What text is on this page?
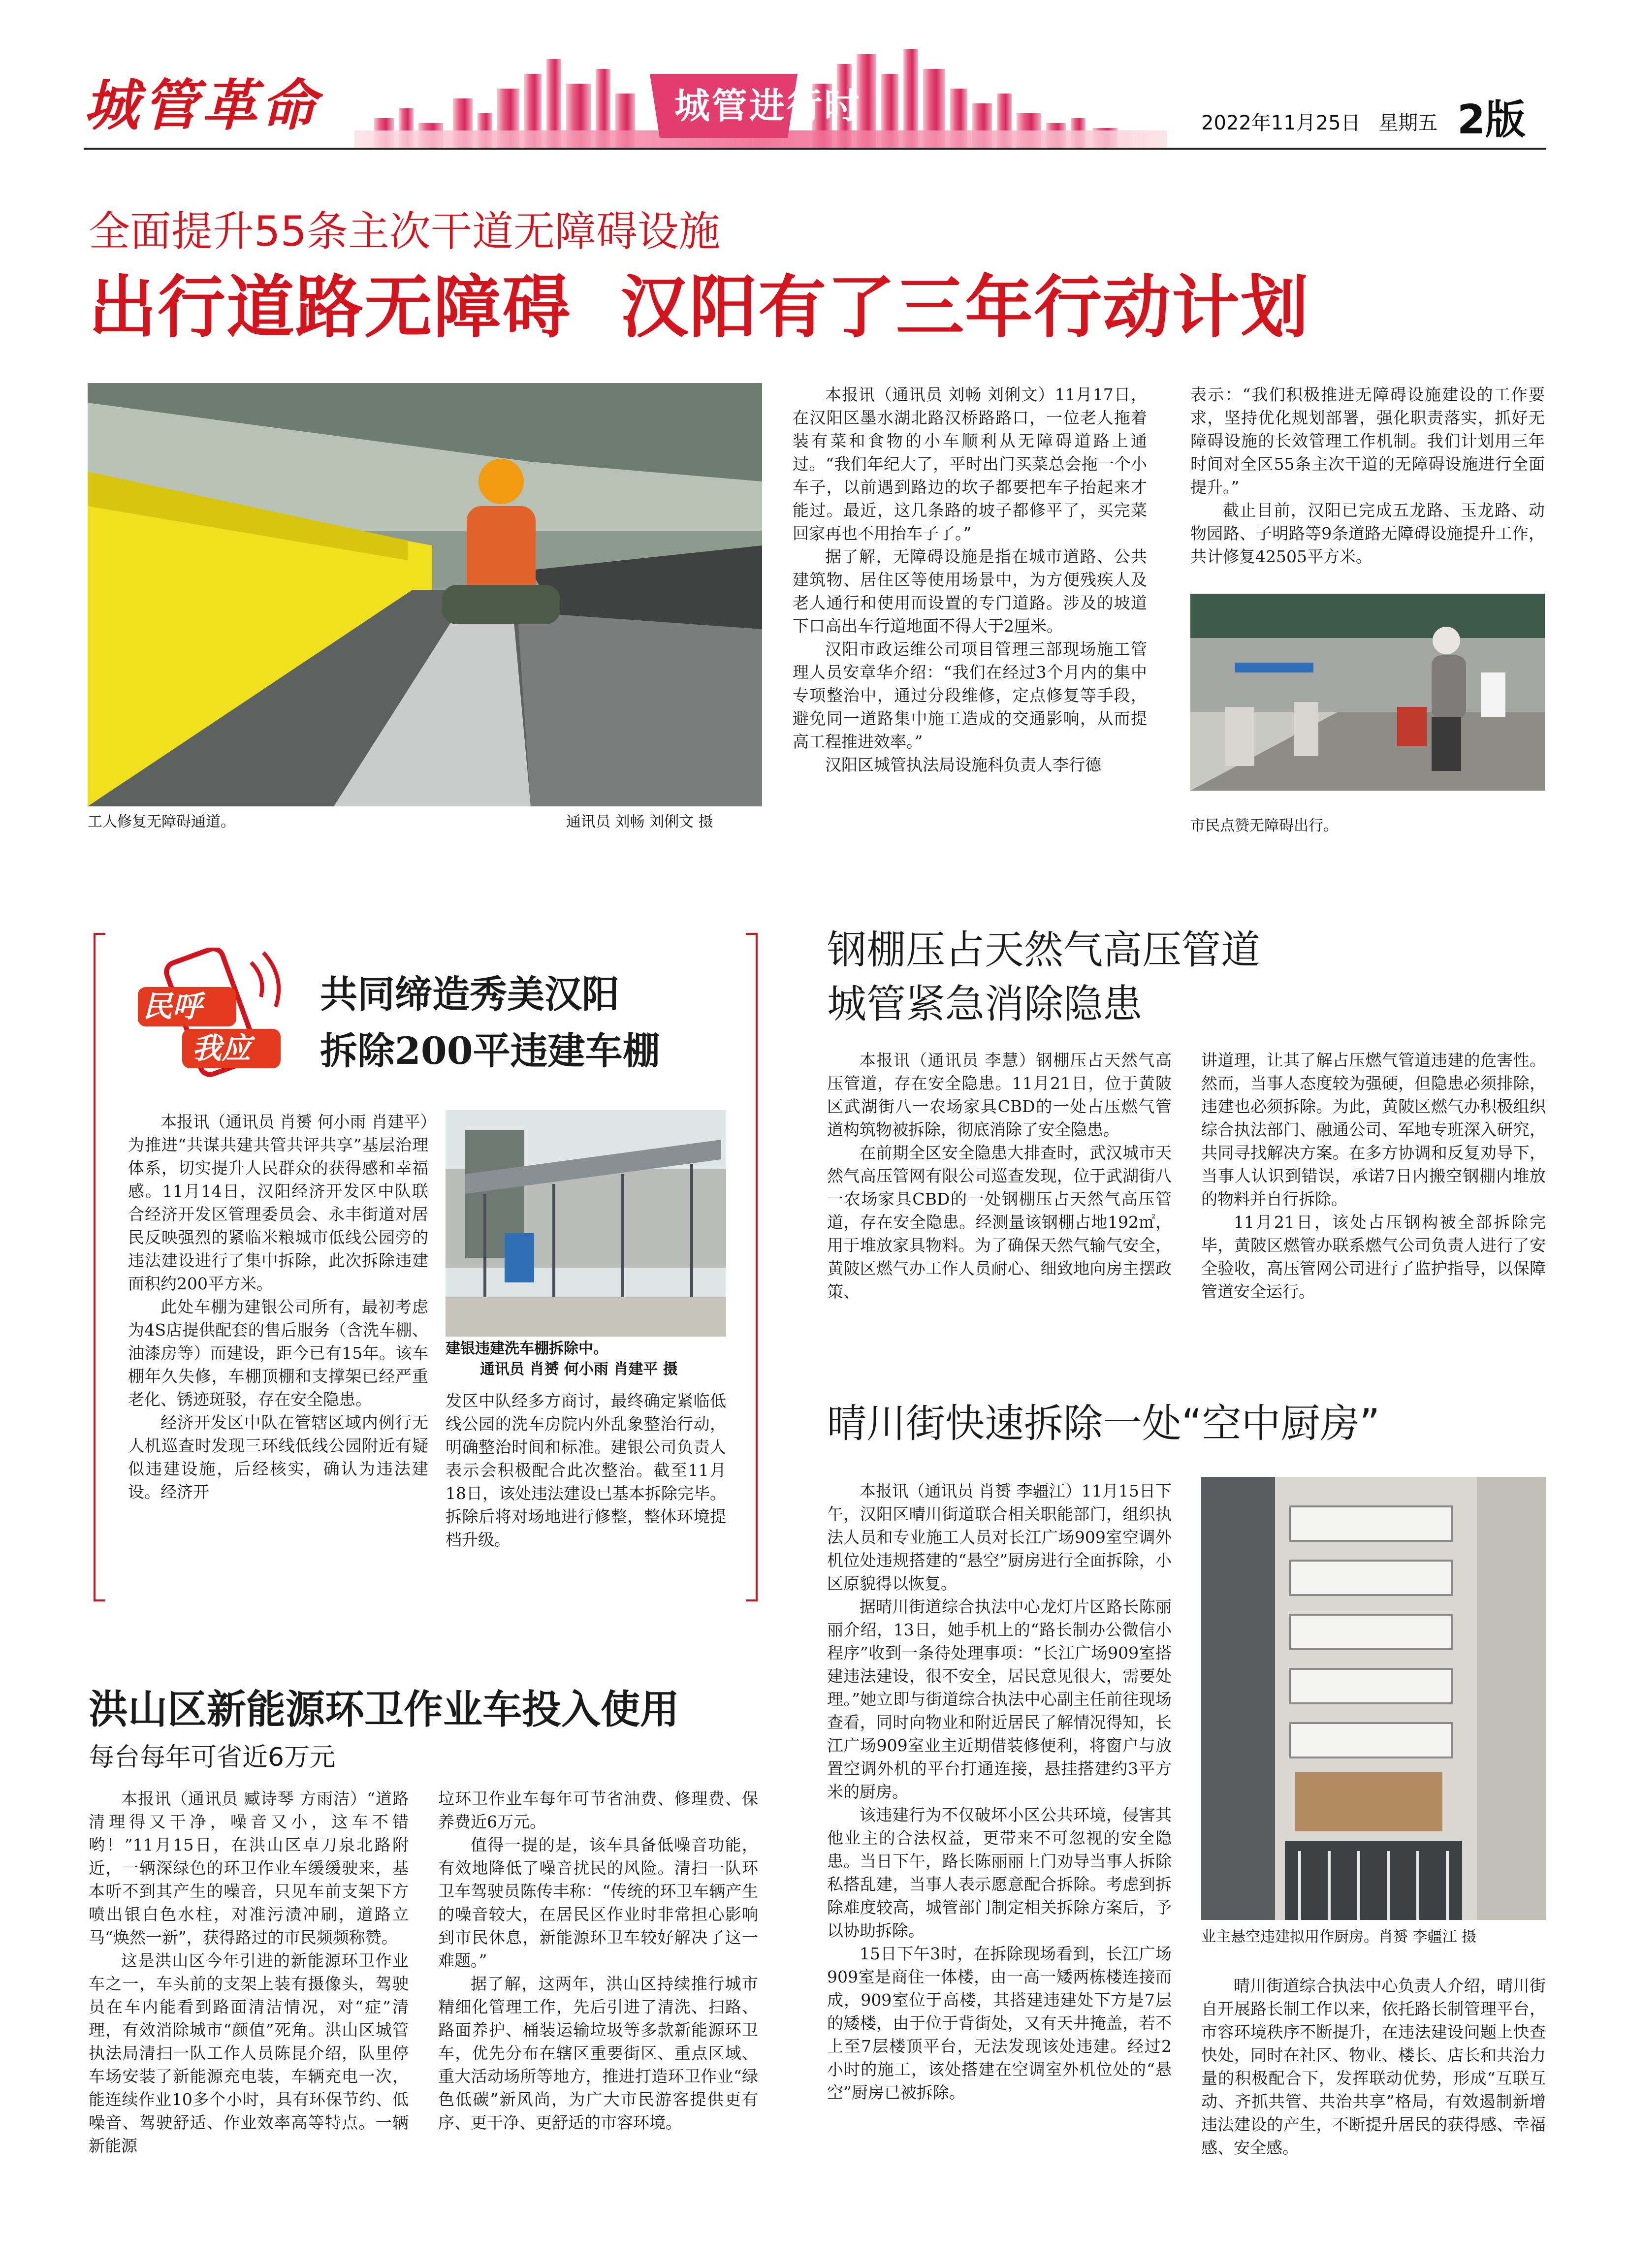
城管革命	城管进行时	2022年11月25日 星期五 2版
全面提升55条主次干道无障碍设施
出行道路无障碍  汉阳有了三年行动计划
工人修复无障碍通道。	通讯员 刘畅 刘俐文 摄

本报讯（通讯员 刘畅 刘俐文）11月17日，在汉阳区墨水湖北路汉桥路路口，一位老人拖着装有菜和食物的小车顺利从无障碍道路上通过。“我们年纪大了，平时出门买菜总会拖一个小车子，以前遇到路边的坎子都要把车子抬起来才能过。最近，这几条路的坡子都修平了，买完菜回家再也不用抬车子了。”

据了解，无障碍设施是指在城市道路、公共建筑物、居住区等使用场景中，为方便残疾人及老人通行和使用而设置的专门道路。涉及的坡道下口高出车行道地面不得大于2厘米。

汉阳市政运维公司项目管理三部现场施工管理人员安章华介绍：“我们在经过3个月内的集中专项整治中，通过分段维修，定点修复等手段，避免同一道路集中施工造成的交通影响，从而提高工程推进效率。”

汉阳区城管执法局设施科负责人李行德

表示：“我们积极推进无障碍设施建设的工作要求，坚持优化规划部署，强化职责落实，抓好无障碍设施的长效管理工作机制。我们计划用三年时间对全区55条主次干道的无障碍设施进行全面提升。”

截止目前，汉阳已完成五龙路、玉龙路、动物园路、子明路等9条道路无障碍设施提升工作，共计修复42505平方米。

市民点赞无障碍出行。
民呼
我应
共同缔造秀美汉阳
拆除200平违建车棚

本报讯（通讯员 肖赟 何小雨 肖建平）为推进“共谋共建共管共评共享”基层治理体系，切实提升人民群众的获得感和幸福感。11月14日，汉阳经济开发区中队联合经济开发区管理委员会、永丰街道对居民反映强烈的紧临米粮城市低线公园旁的违法建设进行了集中拆除，此次拆除违建面积约200平方米。

此处车棚为建银公司所有，最初考虑为4S店提供配套的售后服务（含洗车棚、油漆房等）而建设，距今已有15年。该车棚年久失修，车棚顶棚和支撑架已经严重老化、锈迹斑驳，存在安全隐患。

经济开发区中队在管辖区域内例行无人机巡查时发现三环线低线公园附近有疑似违建设施，后经核实，确认为违法建设。经济开

建银违建洗车棚拆除中。
通讯员 肖赟 何小雨 肖建平 摄

发区中队经多方商讨，最终确定紧临低线公园的洗车房院内外乱象整治行动，明确整治时间和标准。建银公司负责人表示会积极配合此次整治。截至11月18日，该处违法建设已基本拆除完毕。拆除后将对场地进行修整，整体环境提档升级。

洪山区新能源环卫作业车投入使用
每台每年可省近6万元

本报讯（通讯员 臧诗琴 方雨洁）“道路清理得又干净，噪音又小，这车不错哟！”11月15日，在洪山区卓刀泉北路附近，一辆深绿色的环卫作业车缓缓驶来，基本听不到其产生的噪音，只见车前支架下方喷出银白色水柱，对准污渍冲刷，道路立马“焕然一新”，获得路过的市民频频称赞。

这是洪山区今年引进的新能源环卫作业车之一，车头前的支架上装有摄像头，驾驶员在车内能看到路面清洁情况，对“症”清理，有效消除城市“颜值”死角。洪山区城管执法局清扫一队工作人员陈昆介绍，队里停车场安装了新能源充电装，车辆充电一次，能连续作业10多个小时，具有环保节约、低噪音、驾驶舒适、作业效率高等特点。一辆新能源

垃环卫作业车每年可节省油费、修理费、保养费近6万元。

值得一提的是，该车具备低噪音功能，有效地降低了噪音扰民的风险。清扫一队环卫车驾驶员陈传丰称：“传统的环卫车辆产生的噪音较大，在居民区作业时非常担心影响到市民休息，新能源环卫车较好解决了这一难题。”

据了解，这两年，洪山区持续推行城市精细化管理工作，先后引进了清洗、扫路、路面养护、桶装运输垃圾等多款新能源环卫车，优先分布在辖区重要街区、重点区域、重大活动场所等地方，推进打造环卫作业“绿色低碳”新风尚，为广大市民游客提供更有序、更干净、更舒适的市容环境。

钢棚压占天然气高压管道
城管紧急消除隐患

本报讯（通讯员 李慧）钢棚压占天然气高压管道，存在安全隐患。11月21日，位于黄陂区武湖街八一农场家具CBD的一处占压燃气管道构筑物被拆除，彻底消除了安全隐患。

在前期全区安全隐患大排查时，武汉城市天然气高压管网有限公司巡查发现，位于武湖街八一农场家具CBD的一处钢棚压占天然气高压管道，存在安全隐患。经测量该钢棚占地192㎡，用于堆放家具物料。为了确保天然气输气安全，黄陂区燃气办工作人员耐心、细致地向房主摆政策、

讲道理，让其了解占压燃气管道违建的危害性。然而，当事人态度较为强硬，但隐患必须排除，违建也必须拆除。为此，黄陂区燃气办积极组织综合执法部门、融通公司、军地专班深入研究，共同寻找解决方案。在多方协调和反复劝导下，当事人认识到错误，承诺7日内搬空钢棚内堆放的物料并自行拆除。

11月21日，该处占压钢构被全部拆除完毕，黄陂区燃管办联系燃气公司负责人进行了安全验收，高压管网公司进行了监护指导，以保障管道安全运行。

晴川街快速拆除一处“空中厨房”

本报讯（通讯员 肖赟 李疆江）11月15日下午，汉阳区晴川街道联合相关职能部门，组织执法人员和专业施工人员对长江广场909室空调外机位处违规搭建的“悬空”厨房进行全面拆除，小区原貌得以恢复。

据晴川街道综合执法中心龙灯片区路长陈丽丽介绍，13日，她手机上的“路长制办公微信小程序”收到一条待处理事项：“长江广场909室搭建违法建设，很不安全，居民意见很大，需要处理。”她立即与街道综合执法中心副主任前往现场查看，同时向物业和附近居民了解情况得知，长江广场909室业主近期借装修便利，将窗户与放置空调外机的平台打通连接，悬挂搭建约3平方米的厨房。

该违建行为不仅破坏小区公共环境，侵害其他业主的合法权益，更带来不可忽视的安全隐患。当日下午，路长陈丽丽上门劝导当事人拆除私搭乱建，当事人表示愿意配合拆除。考虑到拆除难度较高，城管部门制定相关拆除方案后，予以协助拆除。

15日下午3时，在拆除现场看到，长江广场909室是商住一体楼，由一高一矮两栋楼连接而成，909室位于高楼，其搭建违建处下方是7层的矮楼，由于位于背街处，又有天井掩盖，若不上至7层楼顶平台，无法发现该处违建。经过2小时的施工，该处搭建在空调室外机位处的“悬空”厨房已被拆除。

业主悬空违建拟用作厨房。肖赟 李疆江 摄

晴川街道综合执法中心负责人介绍，晴川街自开展路长制工作以来，依托路长制管理平台，市容环境秩序不断提升，在违法建设问题上快查快处，同时在社区、物业、楼长、店长和共治力量的积极配合下，发挥联动优势，形成“互联互动、齐抓共管、共治共享”格局，有效遏制新增违法建设的产生，不断提升居民的获得感、幸福感、安全感。
